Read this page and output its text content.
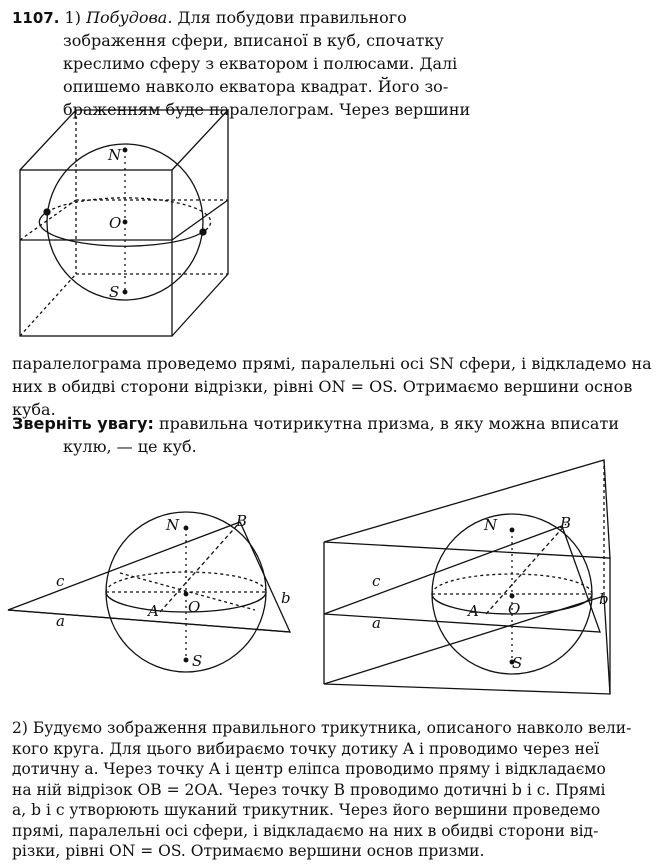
1107. 1) Побудова. Для побудови правильного
зображення сфери, вписаної в куб, спочатку
креслимо сферу з екватором і полюсами. Далі
опишемо навколо екватора квадрат. Його зо-
браженням буде паралелограм. Через вершини
N
O
S
паралелограма проведемо прямі, паралельні осі SN сфери, і відкладемо на
них в обидві сторони відрізки, рівні ON = OS. Отримаємо вершини основ
куба.
Зверніть увагу: правильна чотирикутна призма, в яку можна вписати
кулю, — це куб.
N	B
c
A O	b
a
S
N	B
c
A O
b
a
S
2) Будуємо зображення правильного трикутника, описаного навколо вели-
кого круга. Для цього вибираємо точку дотику A і проводимо через неї
дотичну a. Через точку A і центр еліпса проводимо пряму і відкладаємо
на ній відрізок OB = 2OA. Через точку B проводимо дотичні b і c. Прямі
a, b і c утворюють шуканий трикутник. Через його вершини проведемо
прямі, паралельні осі сфери, і відкладаємо на них в обидві сторони від-
різки, рівні ON = OS. Отримаємо вершини основ призми.
